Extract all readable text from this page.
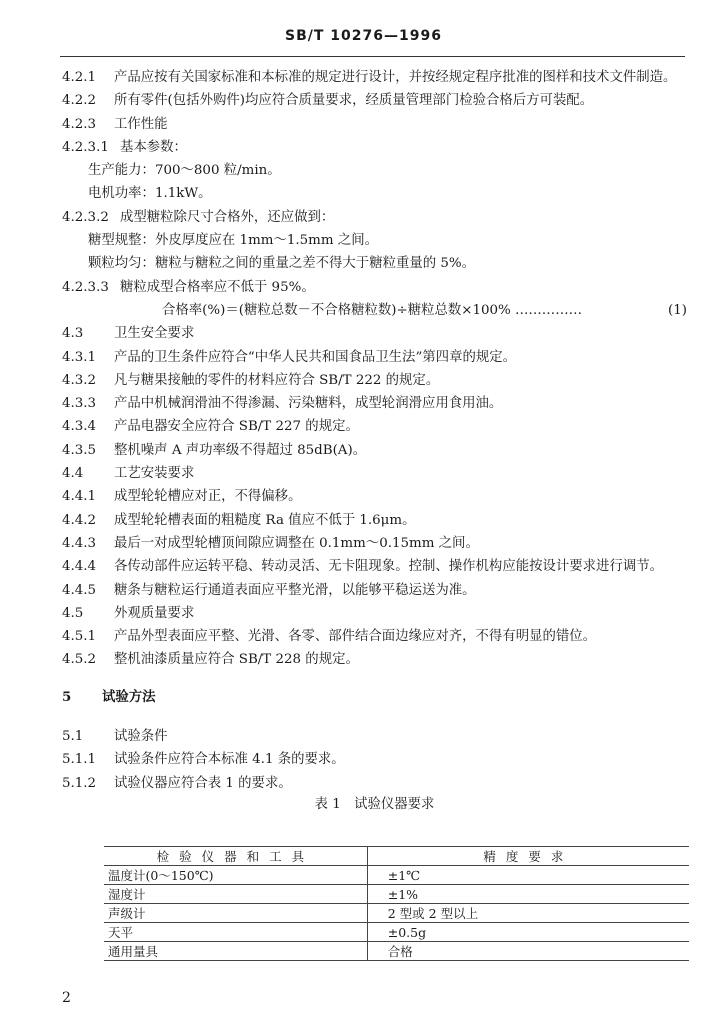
SB/T 10276—1996
4.2.1 产品应按有关国家标准和本标准的规定进行设计，并按经规定程序批准的图样和技术文件制造。
4.2.2 所有零件(包括外购件)均应符合质量要求，经质量管理部门检验合格后方可装配。
4.2.3 工作性能
4.2.3.1 基本参数：
生产能力：700～800 粒/min。
电机功率：1.1kW。
4.2.3.2 成型糖粒除尺寸合格外，还应做到：
糖型规整：外皮厚度应在 1mm～1.5mm 之间。
颗粒均匀：糖粒与糖粒之间的重量之差不得大于糖粒重量的 5%。
4.2.3.3 糖粒成型合格率应不低于 95%。
合格率(%)＝(糖粒总数－不合格糖粒数)÷糖粒总数×100% ……………	(1)
4.3 卫生安全要求
4.3.1 产品的卫生条件应符合“中华人民共和国食品卫生法”第四章的规定。
4.3.2 凡与糖果接触的零件的材料应符合 SB/T 222 的规定。
4.3.3 产品中机械润滑油不得渗漏、污染糖料，成型轮润滑应用食用油。
4.3.4 产品电器安全应符合 SB/T 227 的规定。
4.3.5 整机噪声 A 声功率级不得超过 85dB(A)。
4.4 工艺安装要求
4.4.1 成型轮轮槽应对正，不得偏移。
4.4.2 成型轮轮槽表面的粗糙度 Ra 值应不低于 1.6μm。
4.4.3 最后一对成型轮槽顶间隙应调整在 0.1mm～0.15mm 之间。
4.4.4 各传动部件应运转平稳、转动灵活、无卡阻现象。控制、操作机构应能按设计要求进行调节。
4.4.5 糖条与糖粒运行通道表面应平整光滑，以能够平稳运送为准。
4.5 外观质量要求
4.5.1 产品外型表面应平整、光滑、各零、部件结合面边缘应对齐，不得有明显的错位。
4.5.2 整机油漆质量应符合 SB/T 228 的规定。
5 试验方法
5.1 试验条件
5.1.1 试验条件应符合本标准 4.1 条的要求。
5.1.2 试验仪器应符合表 1 的要求。
表 1　试验仪器要求
检验仪器和工具	精度要求
温度计(0～150℃)	±1℃
湿度计	±1%
声级计	2 型或 2 型以上
天平	±0.5g
通用量具	合格
2
